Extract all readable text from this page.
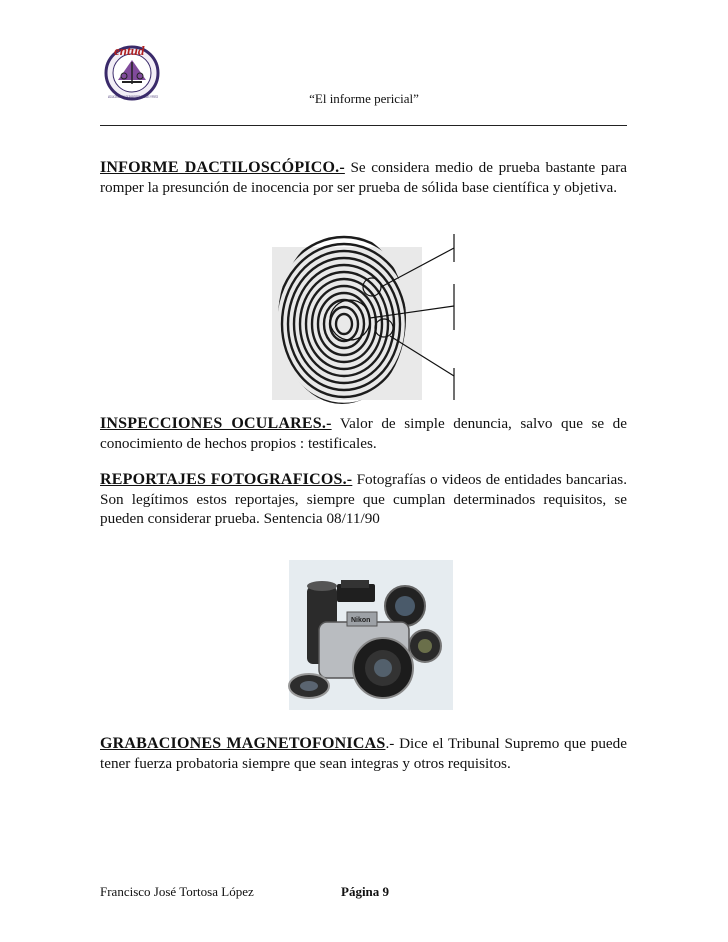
entud
ASOCIACIÓN NACIONAL DE TASADORES DE ENTIDADES Y PERITOS	“El informe pericial”
INFORME DACTILOSCÓPICO.- Se considera medio de prueba bastante para romper la presunción de inocencia por ser prueba de sólida base científica y objetiva.
INSPECCIONES OCULARES.- Valor de simple denuncia, salvo que se de conocimiento de hechos propios : testificales.
REPORTAJES FOTOGRAFICOS.- Fotografías o videos de entidades bancarias. Son legítimos estos reportajes, siempre que cumplan determinados requisitos, se pueden considerar prueba. Sentencia 08/11/90
Nikon
GRABACIONES MAGNETOFONICAS.- Dice el Tribunal Supremo que puede tener fuerza probatoria siempre que sean integras y otros requisitos.
Francisco José Tortosa López	Página 9
